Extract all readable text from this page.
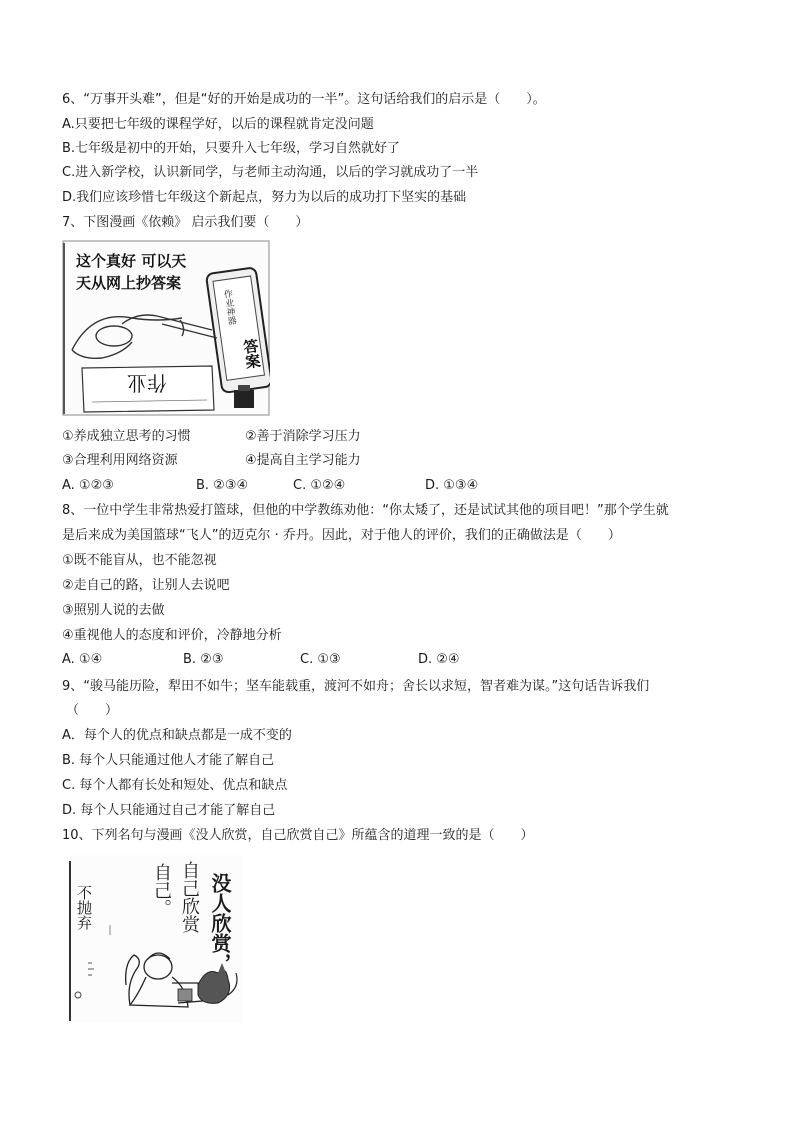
6、“万事开头难”，但是“好的开始是成功的一半”。这句话给我们的启示是（　　）。
A.只要把七年级的课程学好，以后的课程就肯定没问题
B.七年级是初中的开始，只要升入七年级，学习自然就好了
C.进入新学校，认识新同学，与老师主动沟通，以后的学习就成功了一半
D.我们应该珍惜七年级这个新起点，努力为以后的成功打下坚实的基础
7、下图漫画《依赖》 启示我们要（　　）
这个真好 可以天
天从网上抄答案
作业神器
答案
作业
①养成独立思考的习惯	②善于消除学习压力
③合理利用网络资源	④提高自主学习能力
A. ①②③	B. ②③④	C. ①②④	D. ①③④
8、一位中学生非常热爱打篮球，但他的中学教练劝他：“你太矮了，还是试试其他的项目吧！”那个学生就
是后来成为美国篮球“飞人”的迈克尔 · 乔丹。因此，对于他人的评价，我们的正确做法是（　　）
①既不能盲从，也不能忽视
②走自己的路，让别人去说吧
③照别人说的去做
④重视他人的态度和评价，冷静地分析
A. ①④	B. ②③	C. ①③	D. ②④
9、“骏马能历险，犁田不如牛；坚车能载重，渡河不如舟；舍长以求短，智者难为谋。”这句话告诉我们
（　　）
A．每个人的优点和缺点都是一成不变的
B. 每个人只能通过他人才能了解自己
C. 每个人都有长处和短处、优点和缺点
D. 每个人只能通过自己才能了解自己
10、下列名句与漫画《没人欣赏，自己欣赏自己》所蕴含的道理一致的是（　　）
不抛弃	没人欣赏，
自己欣赏
自己。
